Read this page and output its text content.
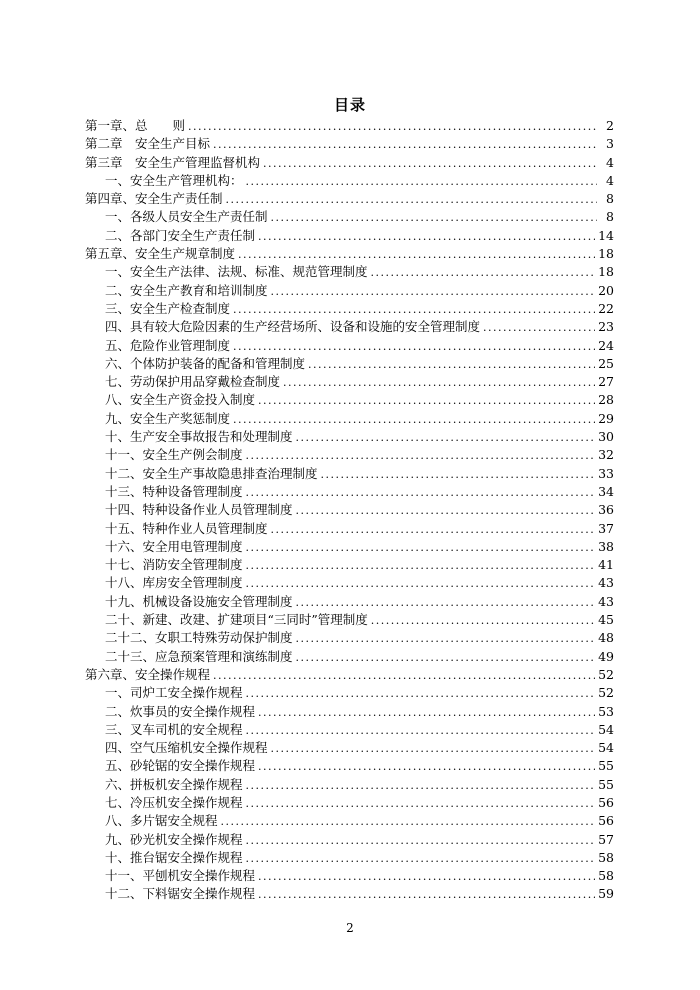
目录
第一章、总　　则 .....	2
第二章　安全生产目标 .....	3
第三章　安全生产管理监督机构 .....	4
一、安全生产管理机构： .....	4
第四章、安全生产责任制 .....	8
一、各级人员安全生产责任制 .....	8
二、各部门安全生产责任制 .....	14
第五章、安全生产规章制度 .....	18
一、安全生产法律、法规、标准、规范管理制度 .....	18
二、安全生产教育和培训制度 .....	20
三、安全生产检查制度 .....	22
四、具有较大危险因素的生产经营场所、设备和设施的安全管理制度 .....	23
五、危险作业管理制度 .....	24
六、个体防护装备的配备和管理制度 .....	25
七、劳动保护用品穿戴检查制度 .....	27
八、安全生产资金投入制度 .....	28
九、安全生产奖惩制度 .....	29
十、生产安全事故报告和处理制度 .....	30
十一、安全生产例会制度 .....	32
十二、安全生产事故隐患排查治理制度 .....	33
十三、特种设备管理制度 .....	34
十四、特种设备作业人员管理制度 .....	36
十五、特种作业人员管理制度 .....	37
十六、安全用电管理制度 .....	38
十七、消防安全管理制度 .....	41
十八、库房安全管理制度 .....	43
十九、机械设备设施安全管理制度 .....	43
二十、新建、改建、扩建项目“三同时”管理制度 .....	45
二十二、女职工特殊劳动保护制度 .....	48
二十三、应急预案管理和演练制度 .....	49
第六章、安全操作规程 .....	52
一、司炉工安全操作规程 .....	52
二、炊事员的安全操作规程 .....	53
三、叉车司机的安全规程 .....	54
四、空气压缩机安全操作规程 .....	54
五、砂轮锯的安全操作规程 .....	55
六、拼板机安全操作规程 .....	55
七、冷压机安全操作规程 .....	56
八、多片锯安全规程 .....	56
九、砂光机安全操作规程 .....	57
十、推台锯安全操作规程 .....	58
十一、平刨机安全操作规程 .....	58
十二、下料锯安全操作规程 .....	59
2
